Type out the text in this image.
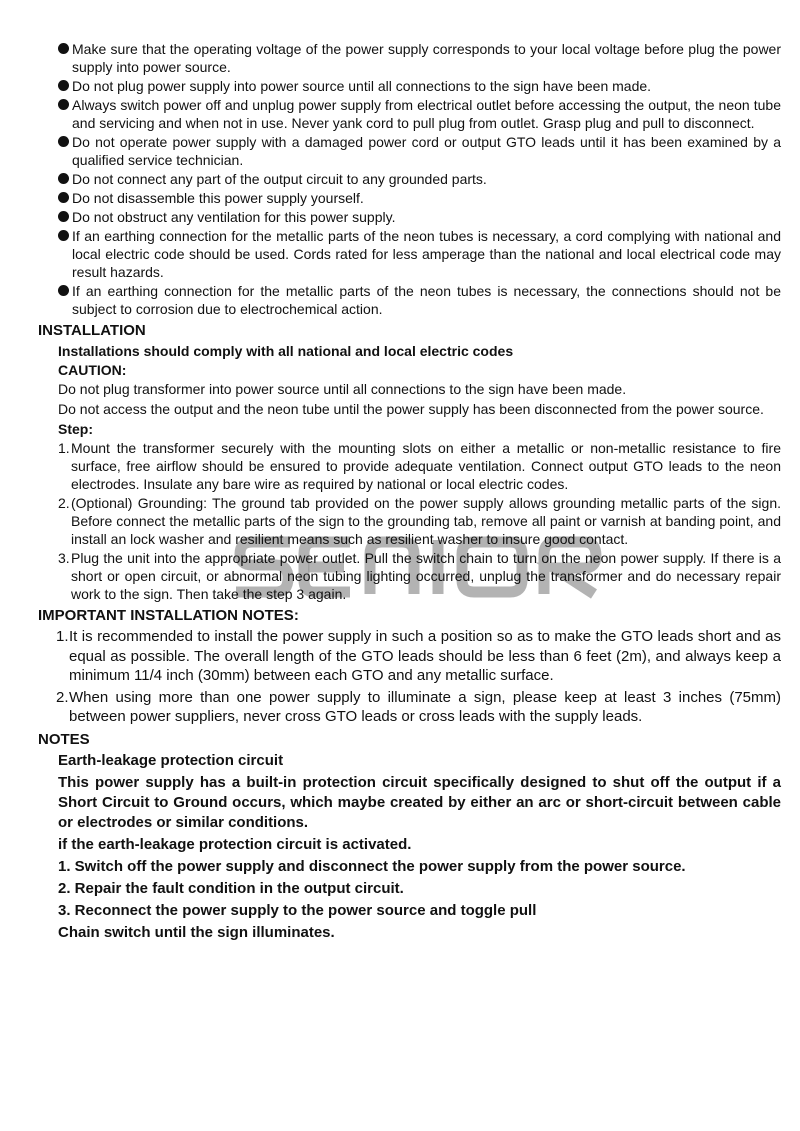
Make sure that the operating voltage of the power supply corresponds to your local voltage before plug the power supply into power source.
Do not plug power supply into power source until all connections to the sign have been made.
Always switch power off and unplug power supply from electrical outlet before accessing the output, the neon tube and servicing and when not in use. Never yank cord to pull plug from outlet. Grasp plug and pull to disconnect.
Do not operate power supply with a damaged power cord or output GTO leads until it has been examined by a qualified service technician.
Do not connect any part of the output circuit to any grounded parts.
Do not disassemble this power supply yourself.
Do not obstruct any ventilation for this power supply.
If an earthing connection for the metallic parts of the neon tubes is necessary, a cord complying with national and local electric code should be used. Cords rated for less amperage than the national and local electrical code may result hazards.
If an earthing connection for the metallic parts of the neon tubes is necessary, the connections should not be subject to corrosion due to electrochemical action.
INSTALLATION
Installations should comply with all national and local electric codes
CAUTION:
Do not plug transformer into power source until all connections to the sign have been made.
Do not access the output and the neon tube until the power supply has been disconnected from the power source.
Step:
1. Mount the transformer securely with the mounting slots on either a metallic or non-metallic resistance to fire surface, free airflow should be ensured to provide adequate ventilation. Connect output GTO leads to the neon electrodes. Insulate any bare wire as required by national or local electric codes.
2. (Optional) Grounding: The ground tab provided on the power supply allows grounding metallic parts of the sign. Before connect the metallic parts of the sign to the grounding tab, remove all paint or varnish at banding point, and install an lock washer and resilient means such as resilient washer to insure good contact.
3. Plug the unit into the appropriate power outlet. Pull the switch chain to turn on the neon power supply. If there is a short or open circuit, or abnormal neon tubing lighting occurred, unplug the transformer and do necessary repair work to the sign. Then take the step 3 again.
IMPORTANT INSTALLATION NOTES:
1. It is recommended to install the power supply in such a position so as to make the GTO leads short and as equal as possible. The overall length of the GTO leads should be less than 6 feet (2m), and always keep a minimum 11/4 inch (30mm) between each GTO and any metallic surface.
2. When using more than one power supply to illuminate a sign, please keep at least 3 inches (75mm) between power suppliers, never cross GTO leads or cross leads with the supply leads.
NOTES
Earth-leakage protection circuit
This power supply has a built-in protection circuit specifically designed to shut off the output if a Short Circuit to Ground occurs, which maybe created by either an arc or short-circuit between cable or electrodes or similar conditions.
if the earth-leakage protection circuit is activated.
1. Switch off the power supply and disconnect the power supply from the power source.
2. Repair the fault condition in the output circuit.
3. Reconnect the power supply to the power source and toggle pull
Chain switch until the sign illuminates.
